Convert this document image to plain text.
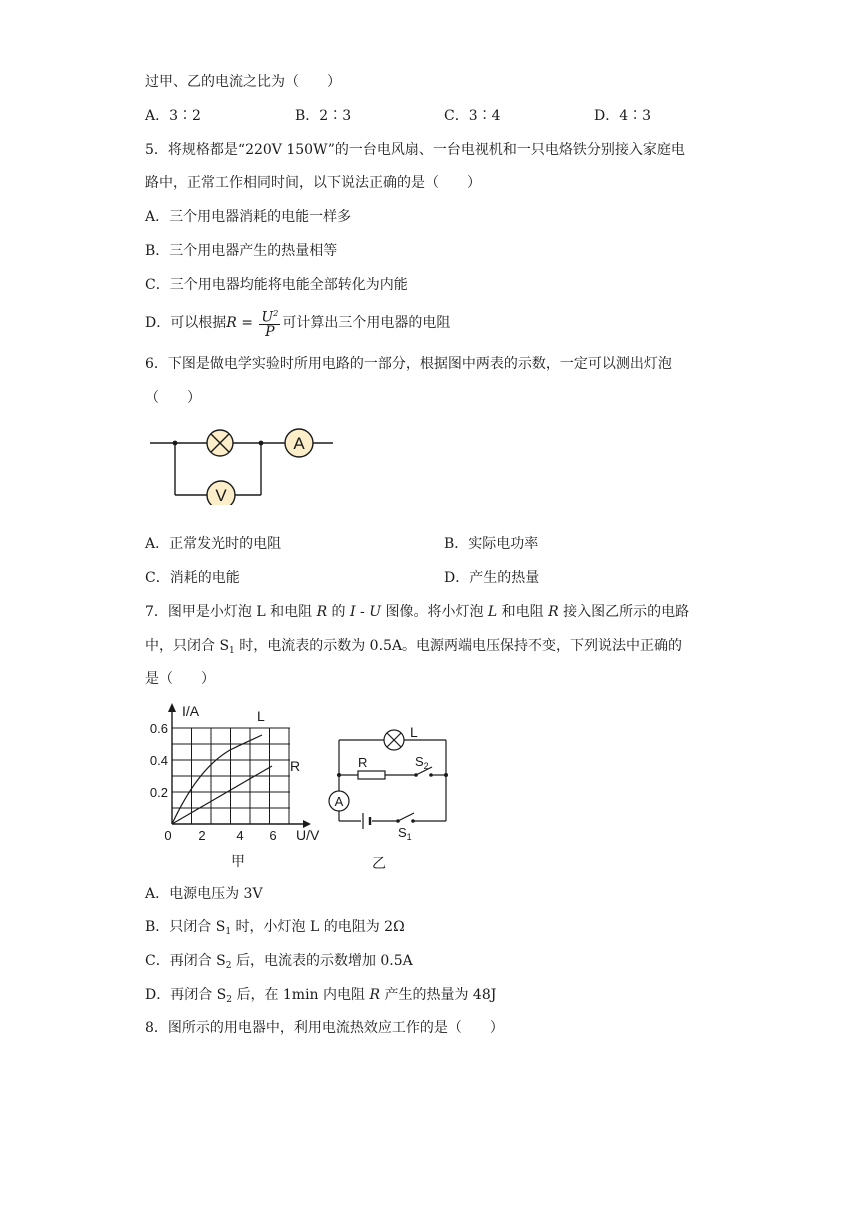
过甲、乙的电流之比为（　　）
A．3∶2	B．2∶3	C．3∶4	D．4∶3
5．将规格都是“220V 150W”的一台电风扇、一台电视机和一只电烙铁分别接入家庭电
路中，正常工作相同时间，以下说法正确的是（　　）
A．三个用电器消耗的电能一样多
B．三个用电器产生的热量相等
C．三个用电器均能将电能全部转化为内能
D．可以根据$R = \frac{U^2}{P}$ 可计算出三个用电器的电阻
6．下图是做电学实验时所用电路的一部分，根据图中两表的示数，一定可以测出灯泡
（　　）
A
V
A．正常发光时的电阻	B．实际电功率
C．消耗的电能	D．产生的热量
7．图甲是小灯泡 L 和电阻 R 的 I - U 图像。将小灯泡 L 和电阻 R 接入图乙所示的电路
中，只闭合 $S_1$ 时，电流表的示数为 0.5A。电源两端电压保持不变，下列说法中正确的
是（　　）
I/A
U/V
L
R
0.6
0.4
0.2
0 2 4 6
甲
A
L
R	$S_2$
$S_1$
乙
A．电源电压为 3V
B．只闭合 $S_1$ 时，小灯泡 L 的电阻为 2Ω
C．再闭合 $S_2$ 后，电流表的示数增加 0.5A
D．再闭合 $S_2$ 后，在 1min 内电阻 R 产生的热量为 48J
8．图所示的用电器中，利用电流热效应工作的是（　　）
